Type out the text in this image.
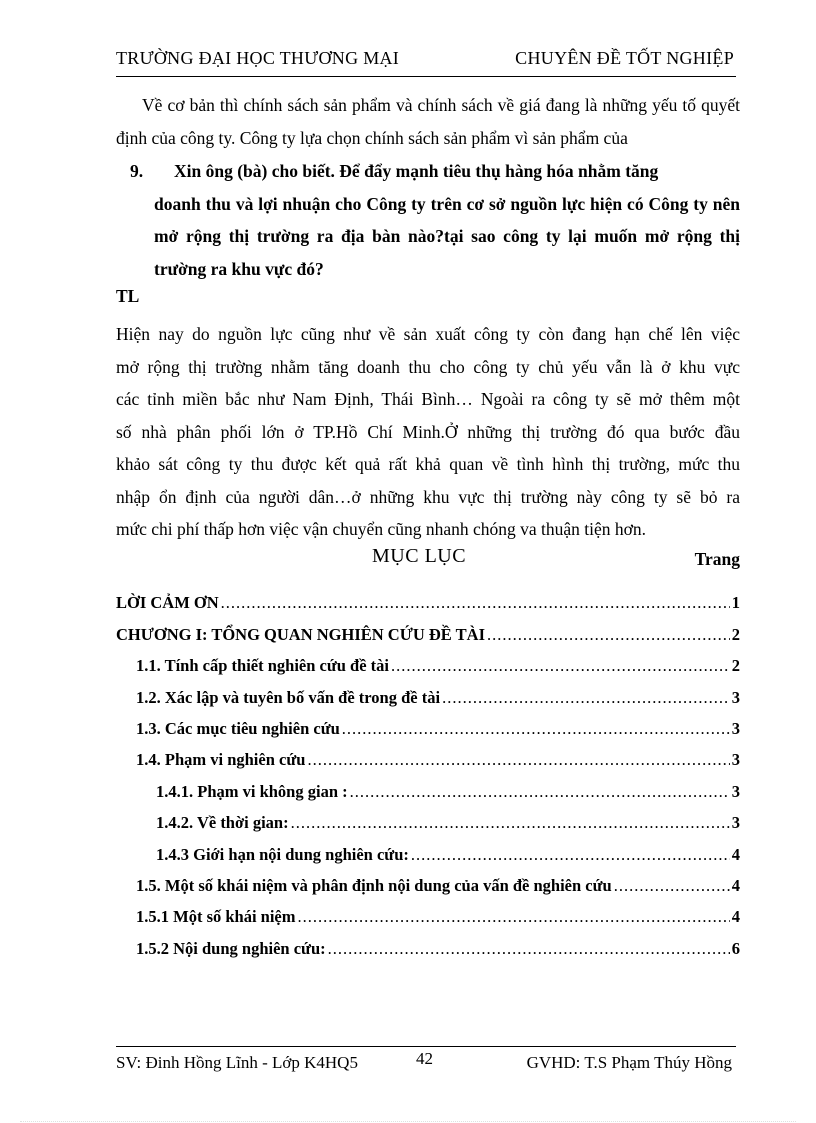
TRƯỜNG ĐẠI HỌC THƯƠNG MẠI	CHUYÊN ĐỀ TỐT NGHIỆP
Về cơ bản thì chính sách sản phẩm và chính sách về giá đang là những yếu tố quyết định của công ty. Công ty lựa chọn chính sách sản phẩm vì sản phẩm của
9.	Xin ông (bà) cho biết. Để đẩy mạnh tiêu thụ hàng hóa nhằm tăng
doanh thu và lợi nhuận cho Công ty trên cơ sở nguồn lực hiện có Công ty nên mở rộng thị trường ra địa bàn nào?tại sao công ty lại muốn mở rộng thị trường ra khu vực đó?
TL
Hiện nay do nguồn lực cũng như về sản xuất công ty còn đang hạn chế lên việc
mở rộng thị trường nhằm tăng doanh thu cho công ty chủ yếu vẫn là ở khu vực
các tỉnh miền bắc như Nam Định, Thái Bình… Ngoài ra công ty sẽ mở thêm một
số nhà phân phối lớn ở TP.Hồ Chí Minh.Ở những thị trường đó qua bước đầu
khảo sát công ty thu được kết quả rất khả quan về tình hình thị trường, mức thu
nhập ổn định của người dân…ở những khu vực thị trường này công ty sẽ bỏ ra
mức chi phí thấp hơn việc vận chuyển cũng nhanh chóng va thuận tiện hơn.
MỤC LỤC	Trang
LỜI CẢM ƠN .....	1
CHƯƠNG I: TỔNG QUAN NGHIÊN CỨU ĐỀ TÀI .....	2
1.1. Tính cấp thiết nghiên cứu đề tài .....	2
1.2. Xác lập và tuyên bố vấn đề trong đề tài .....	3
1.3. Các mục tiêu nghiên cứu .....	3
1.4. Phạm vi nghiên cứu .....	3
1.4.1. Phạm vi không gian : .....	3
1.4.2. Về thời gian: .....	3
1.4.3 Giới hạn nội dung nghiên cứu: .....	4
1.5. Một số khái niệm và phân định nội dung của vấn đề nghiên cứu .....	4
1.5.1 Một số khái niệm .....	4
1.5.2 Nội dung nghiên cứu: .....	6
SV: Đinh Hồng Lĩnh - Lớp K4HQ5	42	GVHD: T.S Phạm Thúy Hồng
